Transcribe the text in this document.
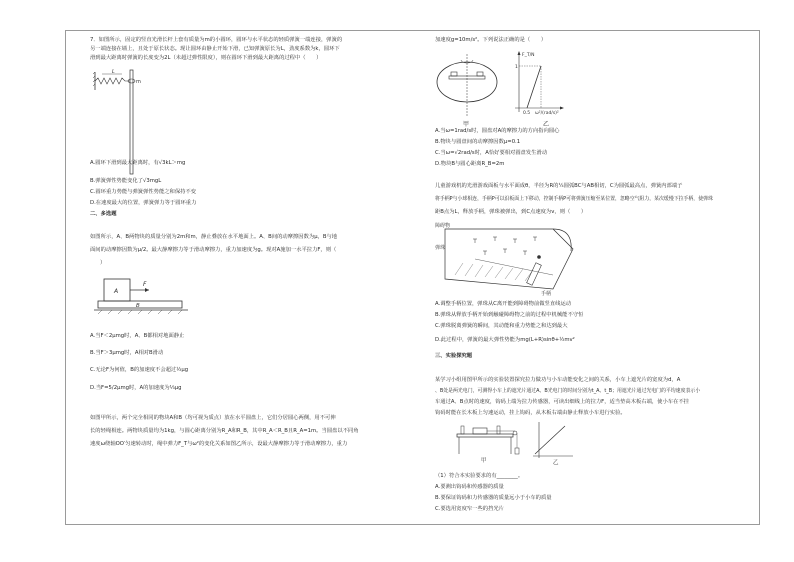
7．如图所示，固定的竖直光滑长杆上套有质量为m的小圆环，圆环与水平状态的轻质弹簧一端连接，弹簧的
另一端连接在墙上，且处于原长状态。现让圆环由静止开始下滑，已知弹簧原长为L，劲度系数为k，圆环下
滑到最大距离时弹簧的长度变为2L（未超过弹性限度），则在圆环下滑到最大距离的过程中（　　）
L
m
A.圆环下滑到最大距离时，有√3kL＞mg
B.弹簧弹性势能变化了√3mgL
C.圆环重力势能与弹簧弹性势能之和保持不变
D.在速度最大的位置，弹簧弹力等于圆环重力
二、多选题
如图所示，A、B两物块的质量分别为2m和m，静止叠放在水平地面上。A、B间的动摩擦因数为μ，B与地
面间的动摩擦因数为μ/2。最大静摩擦力等于滑动摩擦力，重力加速度为g。现对A施加一水平拉力F，则（
）
A
F
B
A.当F＜2μmg时，A、B都相对地面静止
B.当F＞3μmg时，A相对B滑动
C.无论F为何值，B的加速度不会超过½μg
D.当F=5/2μmg时，A的加速度为⅓μg
如图甲所示，两个完全相同的物块A和B（均可视为质点）放在水平圆盘上，它们分居圆心两侧，用不可伸
长的轻绳相连。两物块质量均为1kg，与圆心距离分别为R_A和R_B，其中R_A＜R_B且R_A=1m。当圆盘以不同角
速度ω绕轴OO′匀速转动时，绳中弹力F_T与ω²的变化关系如图乙所示，设最大静摩擦力等于滑动摩擦力，重力
加速度g=10m/s²。下列说法正确的是（　　）
甲
F_T/N
ω²/(rad/s)²
1
0.5
乙
A.当ω=1rad/s时，圆盘对A的摩擦力的方向指向圆心
B.物块与圆盘间的动摩擦因数μ=0.1
C.当ω=√2rad/s时，A恰好要相对圆盘发生滑动
D.物块B与圆心距离R_B=2m
儿童游戏机的光滑游戏面板与水平面成θ，半径为R的¼圆弧BC与AB相切，C为圆弧最高点，弹簧内部端子
将手柄P与小球相连，手柄P可以沿板面上下移动，控制手柄P可将弹簧压缩至某位置，忽略空气阻力，某次缓慢下拉手柄，使弹珠
距B点为L，释放手柄，弹珠被弹出，到C点速度为v，则（　　）
障碍物
弹珠
手柄
A.调整手柄位置，弹珠从C离开能到障碍物前做竖直线运动
B.弹珠从释放手柄开始到触碰障碍物之前的过程中机械能不守恒
C.弹珠脱离弹簧的瞬间，其动能和重力势能之和达到最大
D.此过程中，弹簧的最大弹性势能为mg(L+R)sinθ+½mv²
三、实验探究题
某学习小组用图甲所示的实验装置探究拉力做功与小车动能变化之间的关系，小车上遮光片的宽度为d，A
、B处是两光电门，可测得小车上的遮光片通过A、B光电门的时间分别为t_A、t_B；用遮光片通过光电门的平均速度表示小
车通过A、B点时的速度，钩码上端为拉力传感器，可读出细线上的拉力F，适当垫高木板右端，使小车在不挂
钩码时能在长木板上匀速运动，挂上钩码，从木板右端由静止释放小车进行实验。
甲	乙
（1）符合本实验要求的有________。
A.要测出钩码和传感器的质量
B.要保证钩码和力传感器的质量远小于小车的质量
C.要选用宽度窄一些的挡光片
